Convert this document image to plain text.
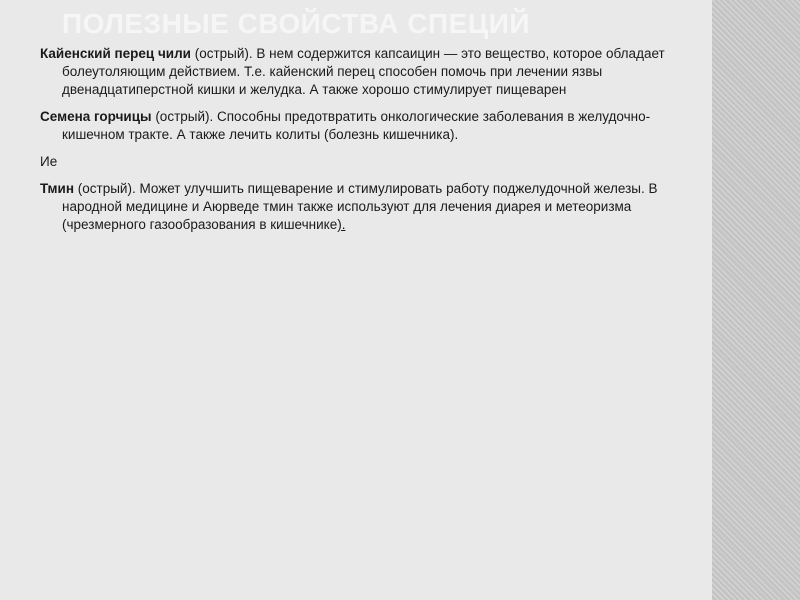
ПОЛЕЗНЫЕ СВОЙСТВА СПЕЦИЙ

Кайенский перец чили (острый). В нем содержится капсаицин — это вещество, которое обладает болеутоляющим действием. Т.е. кайенский перец способен помочь при лечении язвы двенадцатиперстной кишки и желудка. А также хорошо стимулирует пищеварен

Семена горчицы (острый). Способны предотвратить онкологические заболевания в желудочно-кишечном тракте. А также лечить колиты (болезнь кишечника).

Ие

Тмин (острый). Может улучшить пищеварение и стимулировать работу поджелудочной железы. В народной медицине и Аюрведе тмин также используют для лечения диарея и метеоризма (чрезмерного газообразования в кишечнике).
